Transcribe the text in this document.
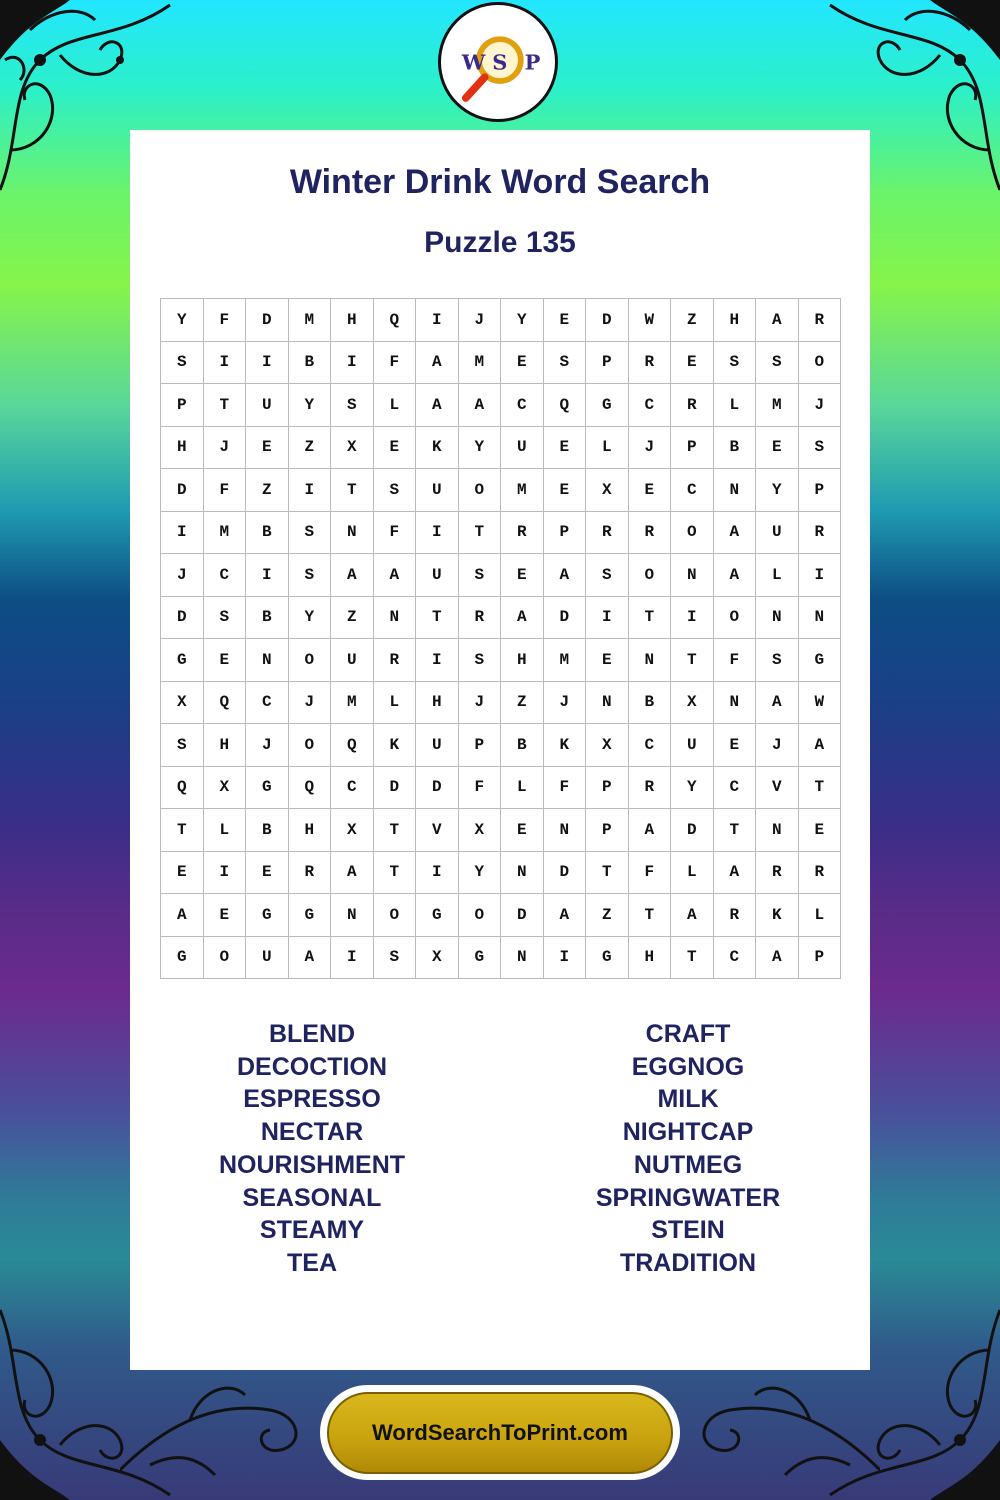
W S P
Winter Drink Word Search
Puzzle 135
Y	F	D	M	H	Q	I	J	Y	E	D	W	Z	H	A	R
S	I	I	B	I	F	A	M	E	S	P	R	E	S	S	O
P	T	U	Y	S	L	A	A	C	Q	G	C	R	L	M	J
H	J	E	Z	X	E	K	Y	U	E	L	J	P	B	E	S
D	F	Z	I	T	S	U	O	M	E	X	E	C	N	Y	P
I	M	B	S	N	F	I	T	R	P	R	R	O	A	U	R
J	C	I	S	A	A	U	S	E	A	S	O	N	A	L	I
D	S	B	Y	Z	N	T	R	A	D	I	T	I	O	N	N
G	E	N	O	U	R	I	S	H	M	E	N	T	F	S	G
X	Q	C	J	M	L	H	J	Z	J	N	B	X	N	A	W
S	H	J	O	Q	K	U	P	B	K	X	C	U	E	J	A
Q	X	G	Q	C	D	D	F	L	F	P	R	Y	C	V	T
T	L	B	H	X	T	V	X	E	N	P	A	D	T	N	E
E	I	E	R	A	T	I	Y	N	D	T	F	L	A	R	R
A	E	G	G	N	O	G	O	D	A	Z	T	A	R	K	L
G	O	U	A	I	S	X	G	N	I	G	H	T	C	A	P
BLEND
DECOCTION
ESPRESSO
NECTAR
NOURISHMENT
SEASONAL
STEAMY
TEA
CRAFT
EGGNOG
MILK
NIGHTCAP
NUTMEG
SPRINGWATER
STEIN
TRADITION
WordSearchToPrint.com
